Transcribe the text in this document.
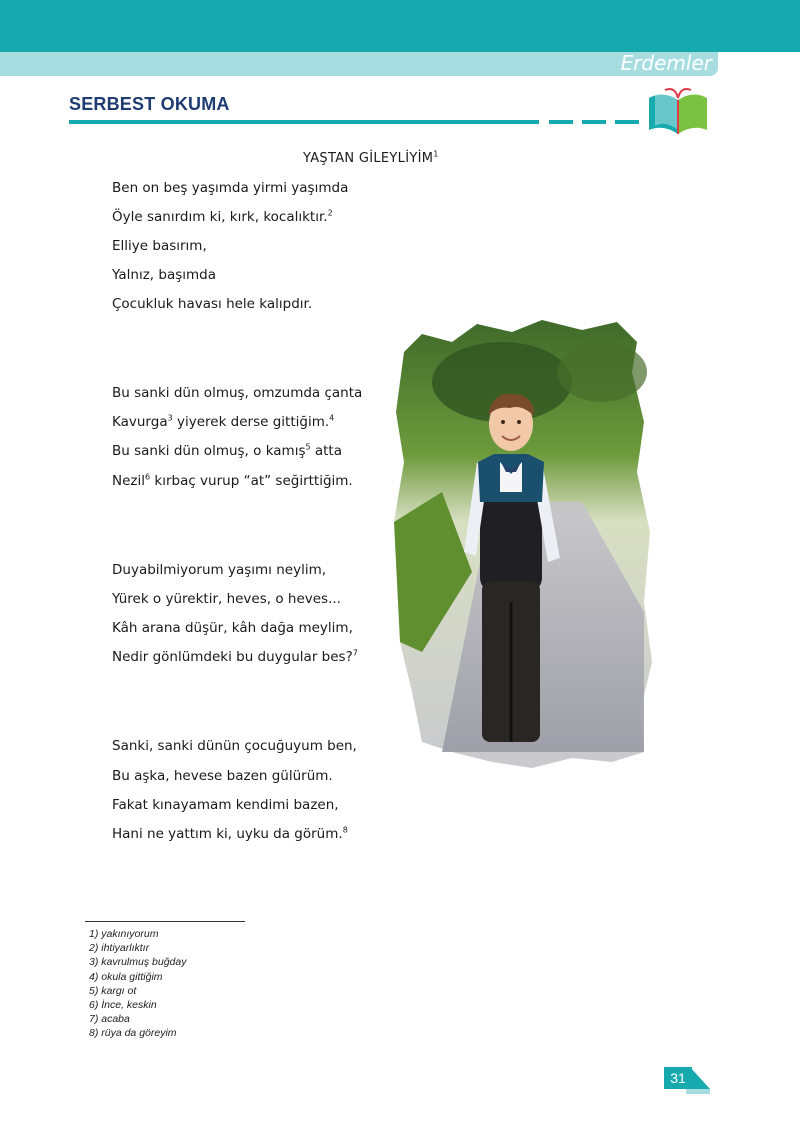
Erdemler
SERBEST OKUMA
YAŞTAN GİLEYLİYİM$^1$
Ben on beş yaşımda yirmi yaşımda
Öyle sanırdım ki, kırk, kocalıktır.$^2$
Elliye basırım,
Yalnız, başımda
Çocukluk havası hele kalıpdır.
Bu sanki dün olmuş, omzumda çanta
Kavurga$^3$ yiyerek derse gittiğim.$^4$
Bu sanki dün olmuş, o kamış$^5$ atta
Nezil$^6$ kırbaç vurup “at” seğirttiğim.
Duyabilmiyorum yaşımı neylim,
Yürek o yürektir, heves, o heves...
Kâh arana düşür, kâh dağa meylim,
Nedir gönlümdeki bu duygular bes?$^7$
Sanki, sanki dünün çocuğuyum ben,
Bu aşka, hevese bazen gülürüm.
Fakat kınayamam kendimi bazen,
Hani ne yattım ki, uyku da görüm.$^8$
1) yakınıyorum
2) ihtiyarlıktır
3) kavrulmuş buğday
4) okula gittiğim
5) kargı ot
6) İnce, keskin
7) acaba
8) rüya da göreyim
31
